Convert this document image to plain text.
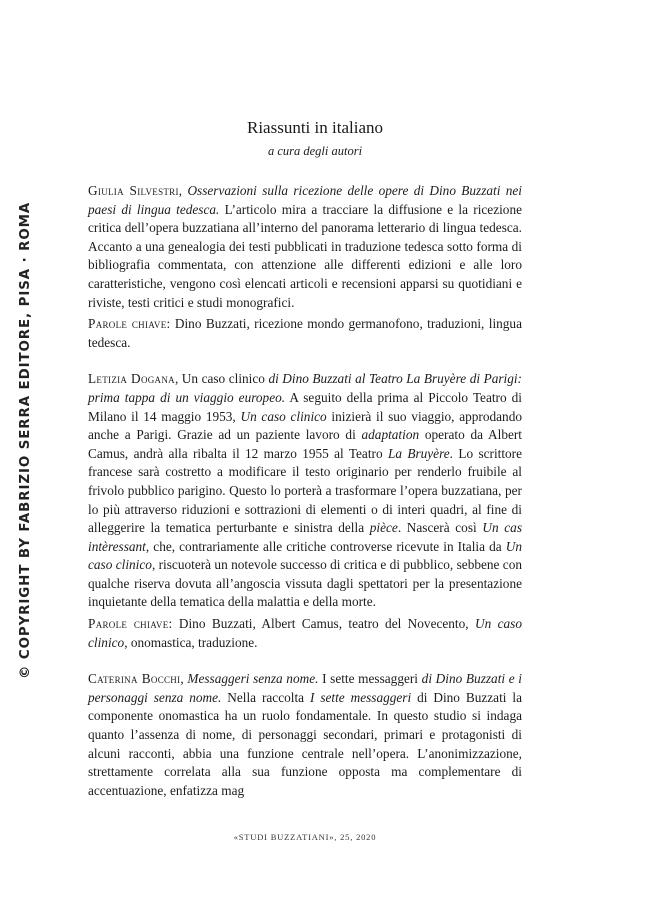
© COPYRIGHT BY FABRIZIO SERRA EDITORE, PISA · ROMA
Riassunti in italiano
a cura degli autori

Giulia Silvestri, Osservazioni sulla ricezione delle opere di Dino Buzzati nei paesi di lingua tedesca. L’articolo mira a tracciare la diffusione e la ricezione critica dell’opera buzzatiana all’interno del panorama letterario di lingua tedesca. Accanto a una genealogia dei testi pubblicati in traduzione tedesca sotto forma di bibliografia commentata, con attenzione alle differenti edizioni e alle loro caratteristiche, vengono così elencati articoli e recensioni apparsi su quotidiani e riviste, testi critici e studi monografici.

Parole chiave: Dino Buzzati, ricezione mondo germanofono, traduzioni, lingua tedesca.

Letizia Dogana, Un caso clinico di Dino Buzzati al Teatro La Bruyère di Parigi: prima tappa di un viaggio europeo. A seguito della prima al Piccolo Teatro di Milano il 14 maggio 1953, Un caso clinico inizierà il suo viaggio, approdando anche a Parigi. Grazie ad un paziente lavoro di adaptation operato da Albert Camus, andrà alla ribalta il 12 marzo 1955 al Teatro La Bruyère. Lo scrittore francese sarà costretto a modificare il testo originario per renderlo fruibile al frivolo pubblico parigino. Questo lo porterà a trasformare l’opera buzzatiana, per lo più attraverso riduzioni e sottrazioni di elementi o di interi quadri, al fine di alleggerire la tematica perturbante e sinistra della pièce. Nascerà così Un cas intèressant, che, contrariamente alle critiche controverse ricevute in Italia da Un caso clinico, riscuoterà un notevole successo di critica e di pubblico, sebbene con qualche riserva dovuta all’angoscia vissuta dagli spettatori per la presentazione inquietante della tematica della malattia e della morte.

Parole chiave: Dino Buzzati, Albert Camus, teatro del Novecento, Un caso clinico, onomastica, traduzione.

Caterina Bocchi, Messaggeri senza nome. I sette messaggeri di Dino Buzzati e i personaggi senza nome. Nella raccolta I sette messaggeri di Dino Buzzati la componente onomastica ha un ruolo fondamentale. In questo studio si indaga quanto l’assenza di nome, di personaggi secondari, primari e protagonisti di alcuni racconti, abbia una funzione centrale nell’opera. L’anonimizzazione, strettamente correlata alla sua funzione opposta ma complementare di accentuazione, enfatizza mag

«STUDI BUZZATIANI», 25, 2020
